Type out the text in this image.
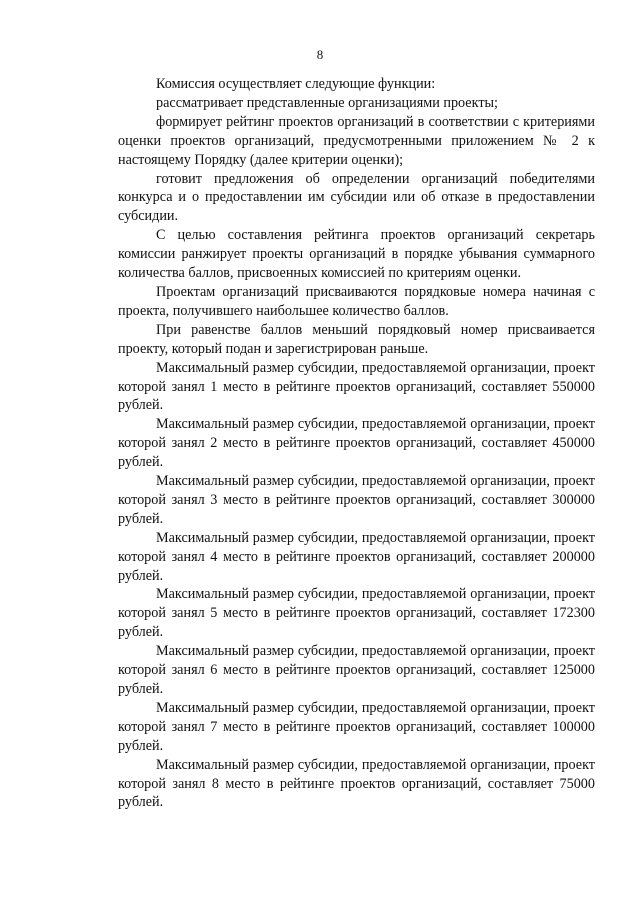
8

Комиссия осуществляет следующие функции:

рассматривает представленные организациями проекты;

формирует рейтинг проектов организаций в соответствии с критериями оценки проектов организаций, предусмотренными приложением № 2 к настоящему Порядку (далее критерии оценки);

готовит предложения об определении организаций победителями конкурса и о предоставлении им субсидии или об отказе в предоставлении субсидии.

С целью составления рейтинга проектов организаций секретарь комиссии ранжирует проекты организаций в порядке убывания суммарного количества баллов, присвоенных комиссией по критериям оценки.

Проектам организаций присваиваются порядковые номера начиная с проекта, получившего наибольшее количество баллов.

При равенстве баллов меньший порядковый номер присваивается проекту, который подан и зарегистрирован раньше.

Максимальный размер субсидии, предоставляемой организации, проект которой занял 1 место в рейтинге проектов организаций, составляет 550000 рублей.

Максимальный размер субсидии, предоставляемой организации, проект которой занял 2 место в рейтинге проектов организаций, составляет 450000 рублей.

Максимальный размер субсидии, предоставляемой организации, проект которой занял 3 место в рейтинге проектов организаций, составляет 300000 рублей.

Максимальный размер субсидии, предоставляемой организации, проект которой занял 4 место в рейтинге проектов организаций, составляет 200000 рублей.

Максимальный размер субсидии, предоставляемой организации, проект которой занял 5 место в рейтинге проектов организаций, составляет 172300 рублей.

Максимальный размер субсидии, предоставляемой организации, проект которой занял 6 место в рейтинге проектов организаций, составляет 125000 рублей.

Максимальный размер субсидии, предоставляемой организации, проект которой занял 7 место в рейтинге проектов организаций, составляет 100000 рублей.

Максимальный размер субсидии, предоставляемой организации, проект которой занял 8 место в рейтинге проектов организаций, составляет 75000 рублей.
